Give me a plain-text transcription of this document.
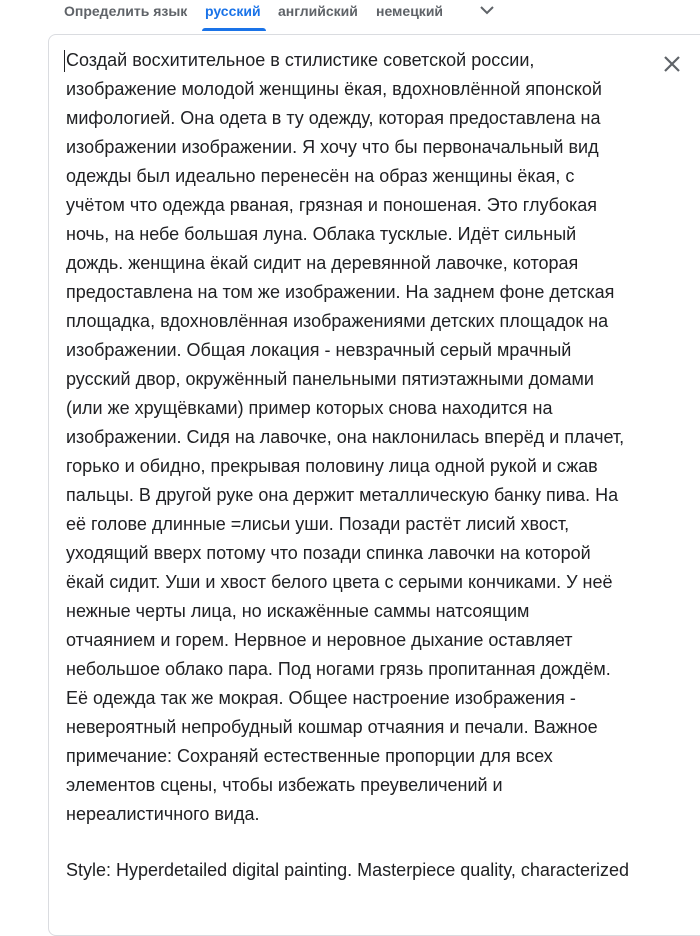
Определить язык русский английский немецкий

Создай восхитительное в стилистике советской россии,
изображение молодой женщины ёкая, вдохновлённой японской
мифологией. Она одета в ту одежду, которая предоставлена на
изображении изображении. Я хочу что бы первоначальный вид
одежды был идеально перенесён на образ женщины ёкая, с
учётом что одежда рваная, грязная и поношеная. Это глубокая
ночь, на небе большая луна. Облака тусклые. Идёт сильный
дождь. женщина ёкай сидит на деревянной лавочке, которая
предоставлена на том же изображении. На заднем фоне детская
площадка, вдохновлённая изображениями детских площадок на
изображении. Общая локация - невзрачный серый мрачный
русский двор, окружённый панельными пятиэтажными домами
(или же хрущёвками) пример которых снова находится на
изображении. Сидя на лавочке, она наклонилась вперёд и плачет,
горько и обидно, прекрывая половину лица одной рукой и сжав
пальцы. В другой руке она держит металлическую банку пива. На
её голове длинные =лисьи уши. Позади растёт лисий хвост,
уходящий вверх потому что позади спинка лавочки на которой
ёкай сидит. Уши и хвост белого цвета с серыми кончиками. У неё
нежные черты лица, но искажённые саммы натсоящим
отчаянием и горем. Нервное и неровное дыхание оставляет
небольшое облако пара. Под ногами грязь пропитанная дождём.
Её одежда так же мокрая. Общее настроение изображения -
невероятный непробудный кошмар отчаяния и печали. Важное
примечание: Сохраняй естественные пропорции для всех
элементов сцены, чтобы избежать преувеличений и
нереалистичного вида.

Style: Hyperdetailed digital painting. Masterpiece quality, characterized
